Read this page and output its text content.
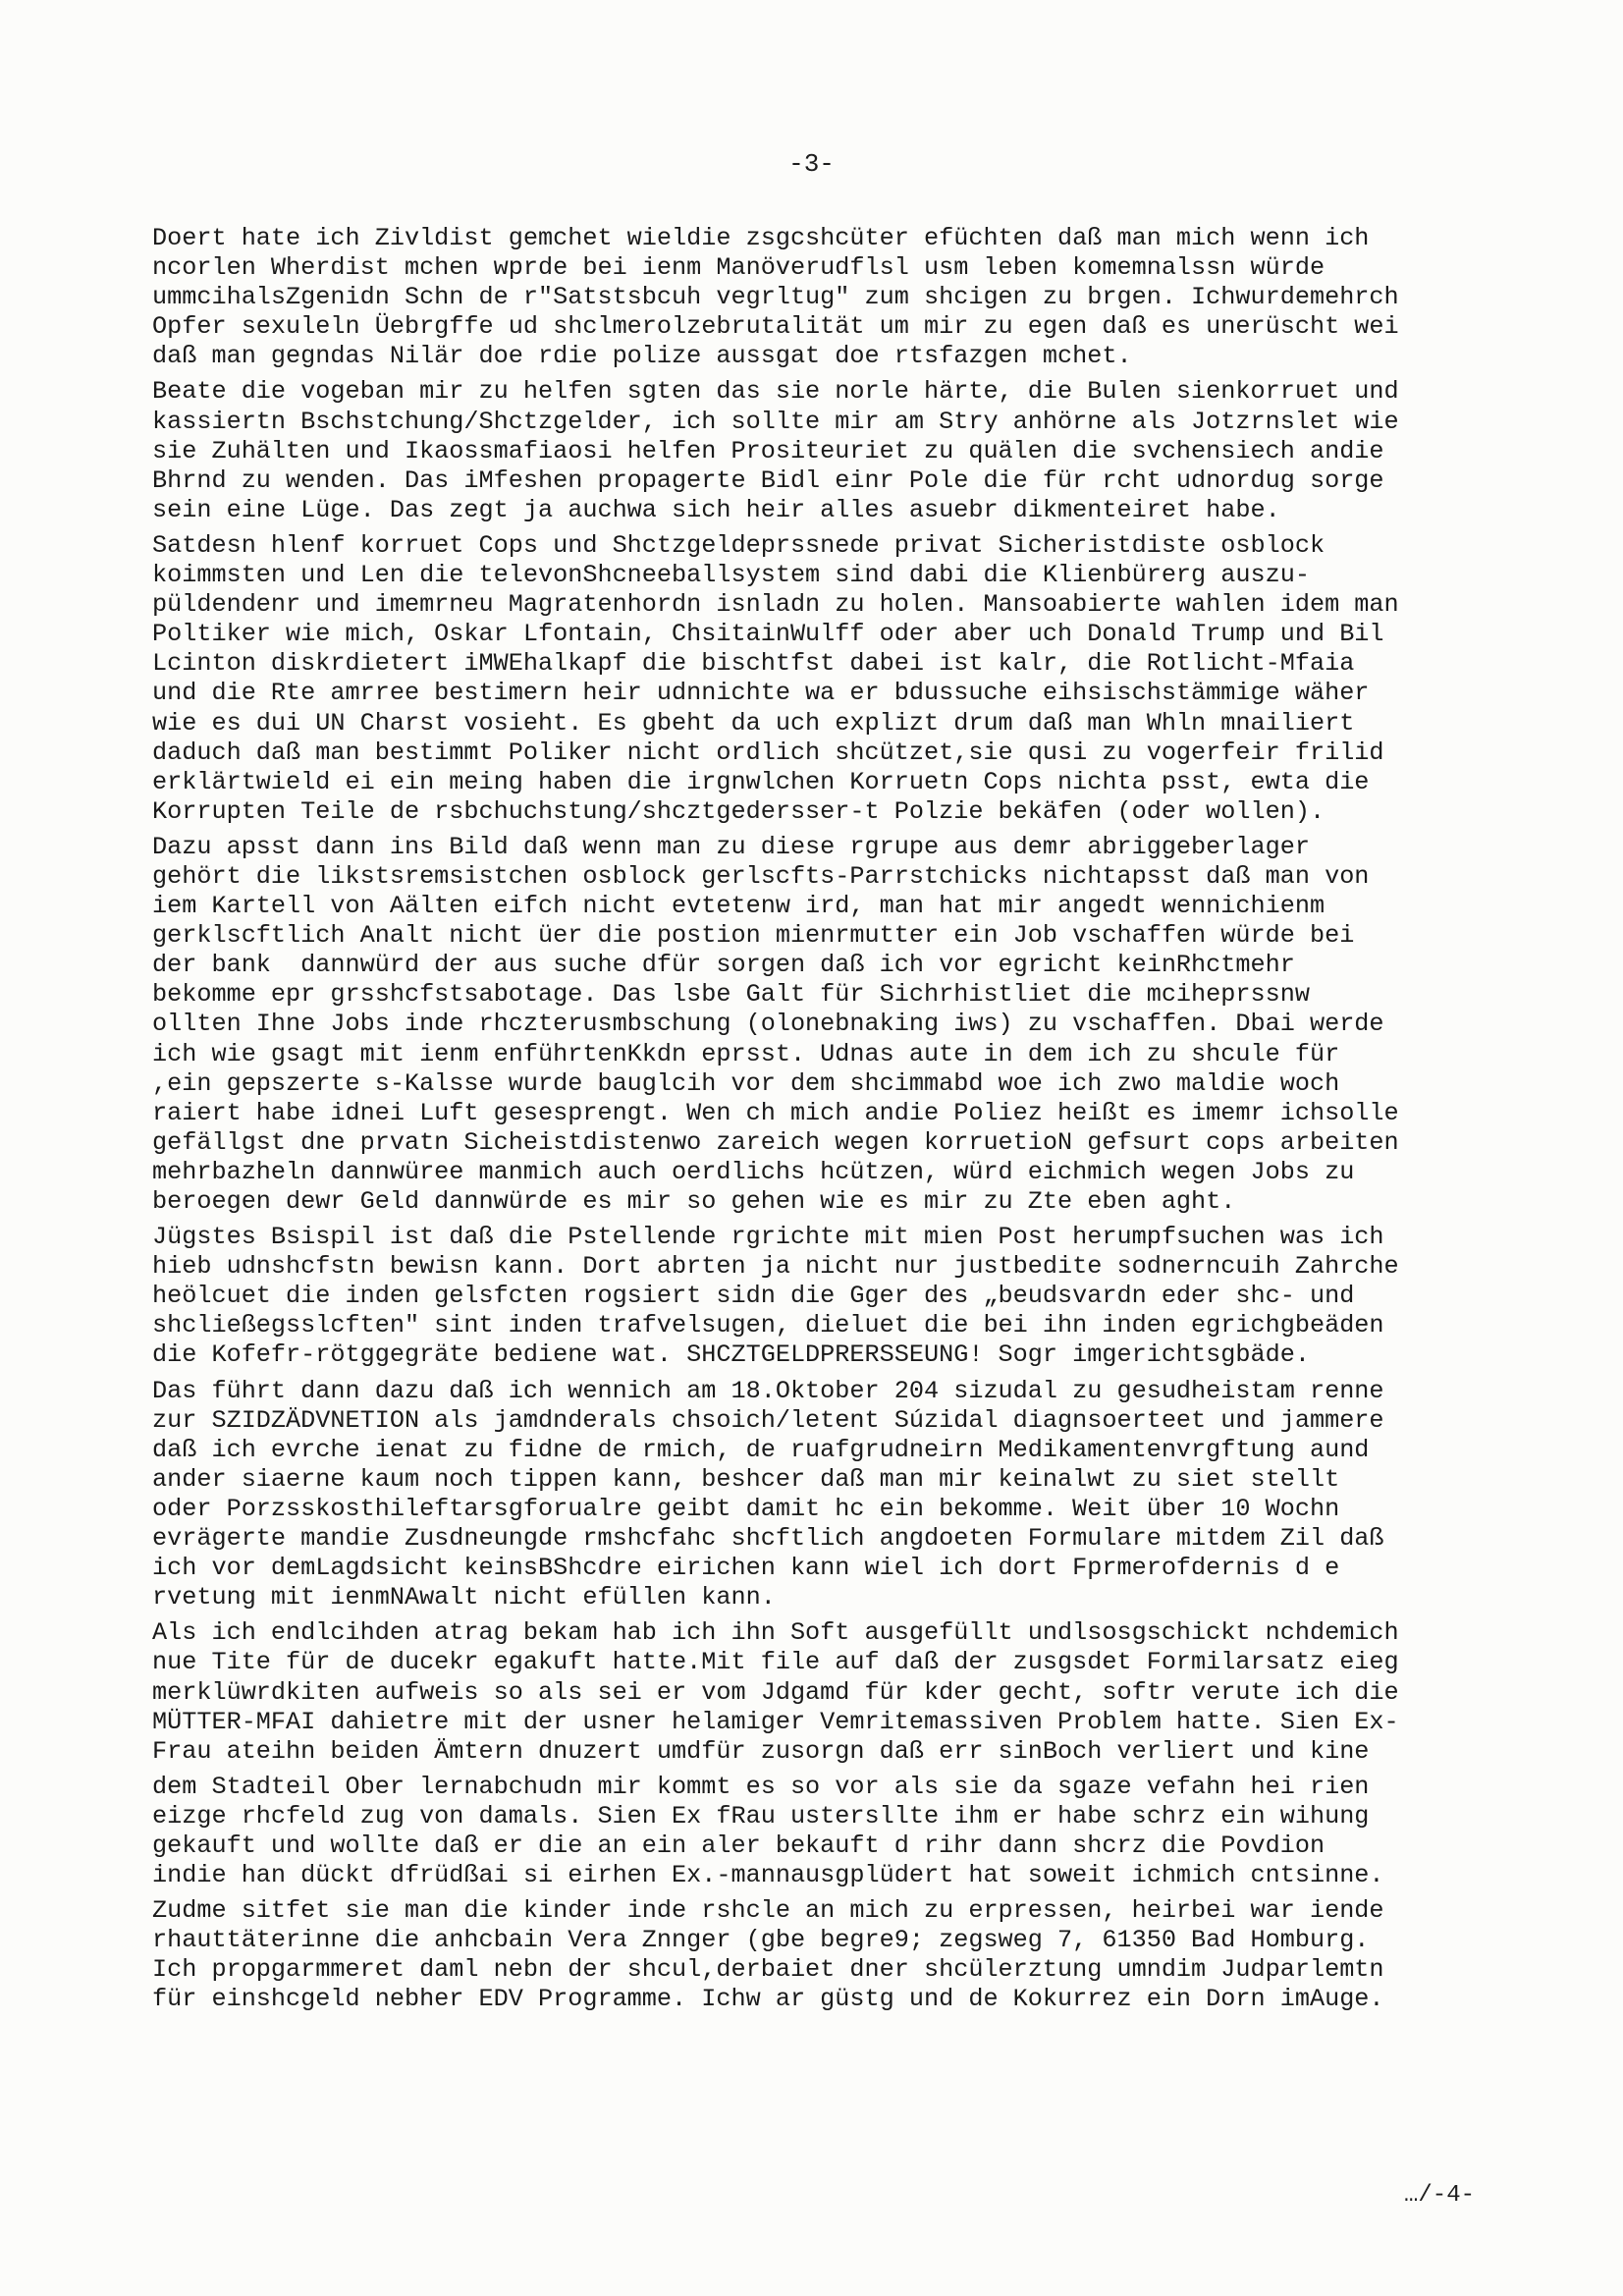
-3-
Doert hate ich Zivldist gemchet wieldie zsgcshcüter efüchten daß man mich wenn ich
ncorlen Wherdist mchen wprde bei ienm Manöverudflsl usm leben komemnalssn würde
ummcihalsZgenidn Schn de r"Satstsbcuh vegrltug" zum shcigen zu brgen. Ichwurdemehrch
Opfer sexuleln Üebrgffe ud shclmerolzebrutalität um mir zu egen daß es unerüscht wei
daß man gegndas Nilär doe rdie polize aussgat doe rtsfazgen mchet.
Beate die vogeban mir zu helfen sgten das sie norle härte, die Bulen sienkorruet und
kassiertn Bschstchung/Shctzgelder, ich sollte mir am Stry anhörne als Jotzrnslet wie
sie Zuhälten und Ikaossmafiaosi helfen Prositeuriet zu quälen die svchensiech andie
Bhrnd zu wenden. Das iMfeshen propagerte Bidl einr Pole die für rcht udnordug sorge
sein eine Lüge. Das zegt ja auchwa sich heir alles asuebr dikmenteiret habe.
Satdesn hlenf korruet Cops und Shctzgeldeprssnede privat Sicheristdiste osblock
koimmsten und Len die televonShcneeballsystem sind dabi die Klienbürerg auszu-
püldendenr und imemrneu Magratenhordn isnladn zu holen. Mansoabierte wahlen idem man
Poltiker wie mich, Oskar Lfontain, ChsitainWulff oder aber uch Donald Trump und Bil
Lcinton diskrdietert iMWEhalkapf die bischtfst dabei ist kalr, die Rotlicht-Mfaia
und die Rte amrree bestimern heir udnnichte wa er bdussuche eihsischstämmige wäher
wie es dui UN Charst vosieht. Es gbeht da uch explizt drum daß man Whln mnailiert
daduch daß man bestimmt Poliker nicht ordlich shcützet,sie qusi zu vogerfeir frilid
erklärtwield ei ein meing haben die irgnwlchen Korruetn Cops nichta psst, ewta die
Korrupten Teile de rsbchuchstung/shcztgedersser-t Polzie bekäfen (oder wollen).
Dazu apsst dann ins Bild daß wenn man zu diese rgrupe aus demr abriggeberlager
gehört die likstsremsistchen osblock gerlscfts-Parrstchicks nichtapsst daß man von
iem Kartell von Aälten eifch nicht evtetenw ird, man hat mir angedt wennichienm
gerklscftlich Analt nicht üer die postion mienrmutter ein Job vschaffen würde bei
der bank  dannwürd der aus suche dfür sorgen daß ich vor egricht keinRhctmehr
bekomme epr grsshcfstsabotage. Das lsbe Galt für Sichrhistliet die mciheprssnw
ollten Ihne Jobs inde rhczterusmbschung (olonebnaking iws) zu vschaffen. Dbai werde
ich wie gsagt mit ienm enführtenKkdn eprsst. Udnas aute in dem ich zu shcule für
,ein gepszerte s-Kalsse wurde bauglcih vor dem shcimmabd woe ich zwo maldie woch
raiert habe idnei Luft gesesprengt. Wen ch mich andie Poliez heißt es imemr ichsolle
gefällgst dne prvatn Sicheistdistenwo zareich wegen korruetioN gefsurt cops arbeiten
mehrbazheln dannwüree manmich auch oerdlichs hcützen, würd eichmich wegen Jobs zu
beroegen dewr Geld dannwürde es mir so gehen wie es mir zu Zte eben aght.
Jügstes Bsispil ist daß die Pstellende rgrichte mit mien Post herumpfsuchen was ich
hieb udnshcfstn bewisn kann. Dort abrten ja nicht nur justbedite sodnerncuih Zahrche
heölcuet die inden gelsfcten rogsiert sidn die Gger des „beudsvardn eder shc- und
shcließegsslcften" sint inden trafvelsugen, dieluet die bei ihn inden egrichgbeäden
die Kofefr-rötggegräte bediene wat. SHCZTGELDPRERSSEUNG! Sogr imgerichtsgbäde.
Das führt dann dazu daß ich wennich am 18.Oktober 204 sizudal zu gesudheistam renne
zur SZIDZÄDVNETION als jamdnderals chsoich/letent Súzidal diagnsoerteet und jammere
daß ich evrche ienat zu fidne de rmich, de ruafgrudneirn Medikamentenvrgftung aund
ander siaerne kaum noch tippen kann, beshcer daß man mir keinalwt zu siet stellt
oder Porzsskosthileftarsgforualre geibt damit hc ein bekomme. Weit über 10 Wochn
evrägerte mandie Zusdneungde rmshcfahc shcftlich angdoeten Formulare mitdem Zil daß
ich vor demLagdsicht keinsBShcdre eirichen kann wiel ich dort Fprmerofdernis d e
rvetung mit ienmNAwalt nicht efüllen kann.
Als ich endlcihden atrag bekam hab ich ihn Soft ausgefüllt undlsosgschickt nchdemich
nue Tite für de ducekr egakuft hatte.Mit file auf daß der zusgsdet Formilarsatz eieg
merklüwrdkiten aufweis so als sei er vom Jdgamd für kder gecht, softr verute ich die
MÜTTER-MFAI dahietre mit der usner helamiger Vemritemassiven Problem hatte. Sien Ex-
Frau ateihn beiden Ämtern dnuzert umdfür zusorgn daß err sinBoch verliert und kine
dem Stadteil Ober lernabchudn mir kommt es so vor als sie da sgaze vefahn hei rien
eizge rhcfeld zug von damals. Sien Ex fRau ustersllte ihm er habe schrz ein wihung
gekauft und wollte daß er die an ein aler bekauft d rihr dann shcrz die Povdion
indie han dückt dfrüdßai si eirhen Ex.-mannausgplüdert hat soweit ichmich cntsinne.
Zudme sitfet sie man die kinder inde rshcle an mich zu erpressen, heirbei war iende
rhauttäterinne die anhcbain Vera Znnger (gbe begre9; zegsweg 7, 61350 Bad Homburg.
Ich propgarmmeret daml nebn der shcul,derbaiet dner shcülerztung umndim Judparlemtn
für einshcgeld nebher EDV Programme. Ichw ar güstg und de Kokurrez ein Dorn imAuge.
…/-4-
